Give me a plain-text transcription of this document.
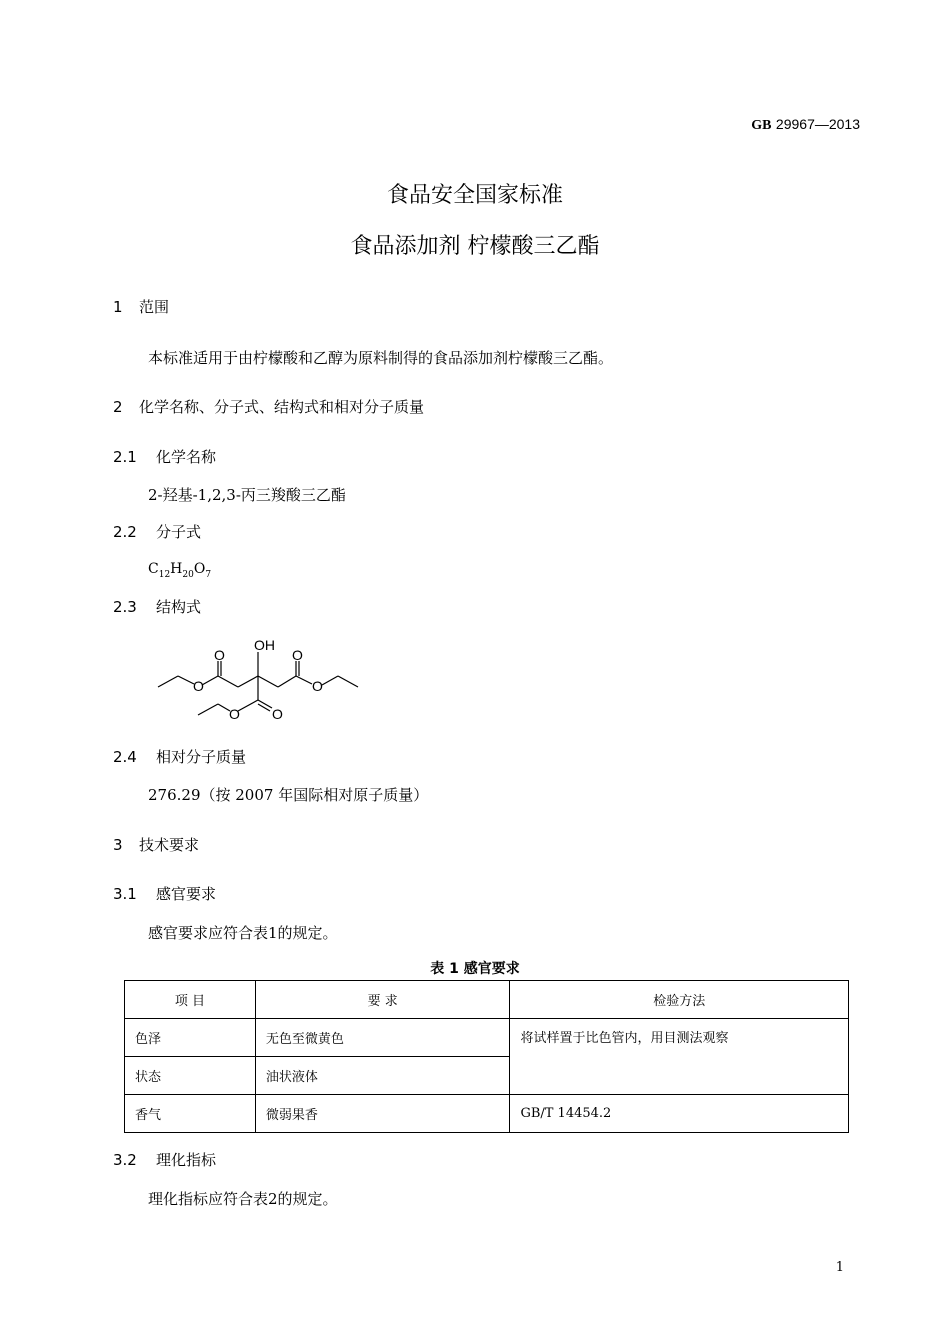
GB 29967—2013
食品安全国家标准
食品添加剂 柠檬酸三乙酯
1 范围
本标准适用于由柠檬酸和乙醇为原料制得的食品添加剂柠檬酸三乙酯。
2 化学名称、分子式、结构式和相对分子质量
2.1 化学名称
2-羟基-1,2,3-丙三羧酸三乙酯
2.2 分子式
$C_{12}H_{20}O_7$
2.3 结构式
OH
O
O
O
O
O
O
2.4 相对分子质量
276.29（按 2007 年国际相对原子质量）
3 技术要求
3.1 感官要求
感官要求应符合表1的规定。
表 1 感官要求
项 目	要 求	检验方法
色泽	无色至微黄色	将试样置于比色管内，用目测法观察
状态	油状液体	
香气	微弱果香	GB/T 14454.2
3.2 理化指标
理化指标应符合表2的规定。
1
